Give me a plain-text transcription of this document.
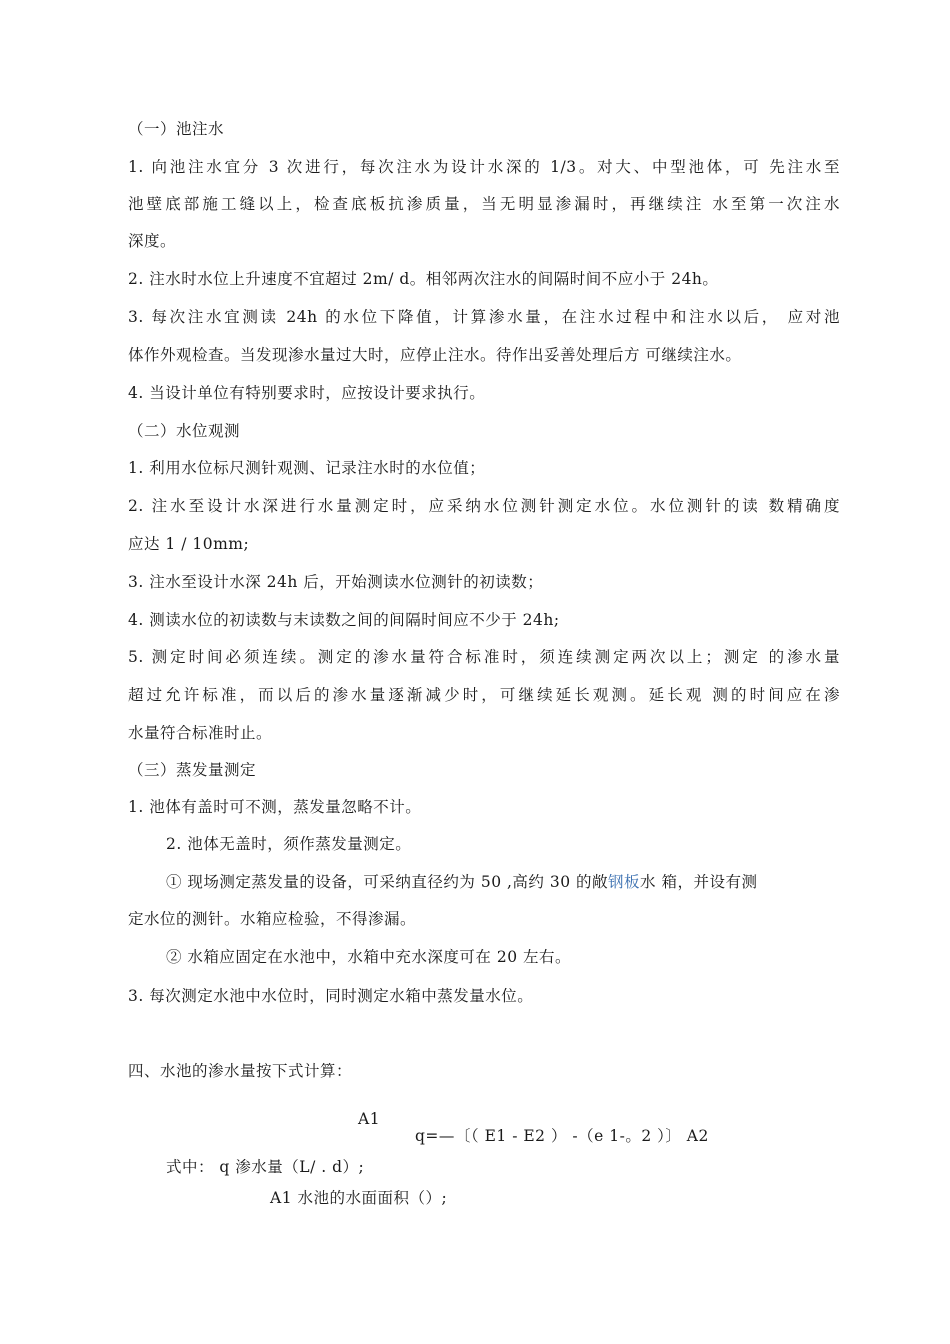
（一）池注水
1. 向池注水宜分 3 次进行，每次注水为设计水深的 1/3。对大、中型池体，可 先注水至
池壁底部施工缝以上，检查底板抗渗质量，当无明显渗漏时，再继续注 水至第一次注水
深度。
2. 注水时水位上升速度不宜超过 2m/ d。相邻两次注水的间隔时间不应小于 24h。
3. 每次注水宜测读 24h 的水位下降值，计算渗水量，在注水过程中和注水以后， 应对池
体作外观检查。当发现渗水量过大时，应停止注水。待作出妥善处理后方 可继续注水。
4. 当设计单位有特别要求时，应按设计要求执行。
（二）水位观测
1. 利用水位标尺测针观测、记录注水时的水位值；
2. 注水至设计水深进行水量测定时，应采纳水位测针测定水位。水位测针的读 数精确度
应达 1 / 10mm;
3. 注水至设计水深 24h 后，开始测读水位测针的初读数；
4. 测读水位的初读数与末读数之间的间隔时间应不少于 24h;
5. 测定时间必须连续。测定的渗水量符合标准时，须连续测定两次以上；测定 的渗水量
超过允许标准，而以后的渗水量逐渐减少时，可继续延长观测。延长观 测的时间应在渗
水量符合标准时止。
（三）蒸发量测定
1. 池体有盖时可不测，蒸发量忽略不计。
2. 池体无盖时，须作蒸发量测定。
① 现场测定蒸发量的设备，可采纳直径约为 50 ,高约 30 的敞钢板水 箱，并设有测
定水位的测针。水箱应检验，不得渗漏。
② 水箱应固定在水池中，水箱中充水深度可在 20 左右。
3. 每次测定水池中水位时，同时测定水箱中蒸发量水位。
四、水池的渗水量按下式计算：
A1
q=—〔（ E1 - E2 ） -（e 1-。2 ）〕 A2
式中： q 渗水量（L/ . d）;
A1 水池的水面面积（）;
